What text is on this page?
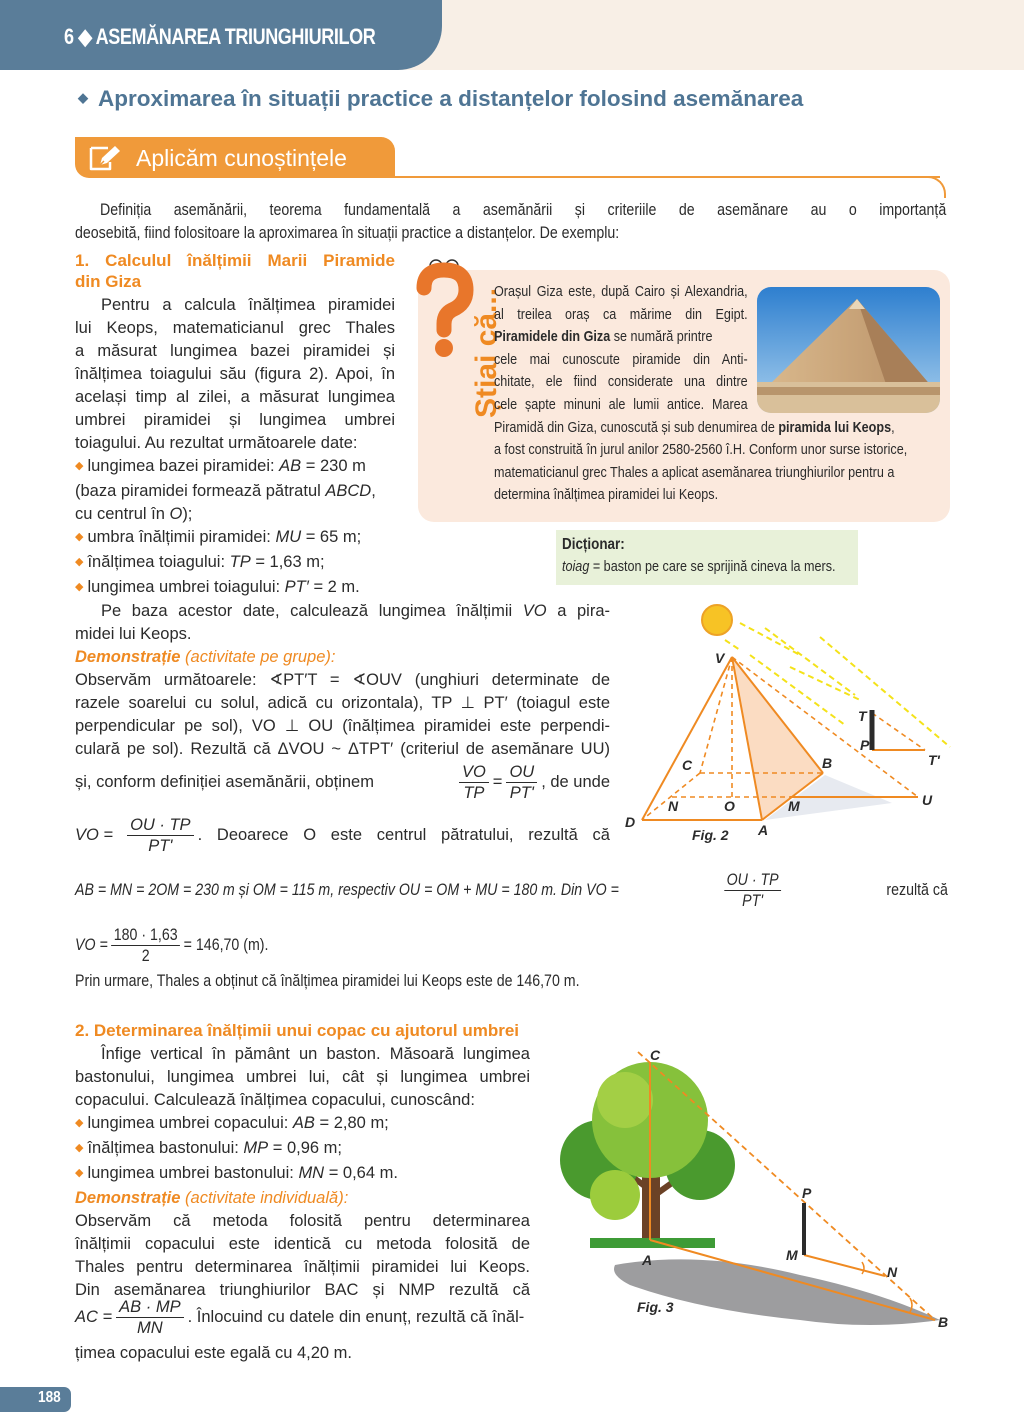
6 ◆ ASEMĂNAREA TRIUNGHIURILOR
◆ Aproximarea în situații practice a distanțelor folosind asemănarea
Aplicăm cunoștințele
Definiția asemănării, teorema fundamentală a asemănării și criteriile de asemănare au o importanță
deosebită, fiind folositoare la aproximarea în situații practice a distanțelor. De exemplu:
1. Calculul înălțimii Marii Piramide
din Giza
Pentru a calcula înălțimea piramidei
lui Keops, matematicianul grec Thales
a măsurat lungimea bazei piramidei și
înălțimea toiagului său (figura 2). Apoi, în
același timp al zilei, a măsurat lungimea
umbrei piramidei și lungimea umbrei
toiagului. Au rezultat următoarele date:
◆ lungimea bazei piramidei: AB = 230 m
(baza piramidei formează pătratul ABCD,
cu centrul în O);
◆ umbra înălțimii piramidei: MU = 65 m;
◆ înălțimea toiagului: TP = 1,63 m;
◆ lungimea umbrei toiagului: PT′ = 2 m.
Știai că...
Orașul Giza este, după Cairo și Alexandria,
al treilea oraș ca mărime din Egipt.
Piramidele din Giza se numără printre
cele mai cunoscute piramide din Anti-
chitate, ele fiind considerate una dintre
cele șapte minuni ale lumii antice. Marea
Piramidă din Giza, cunoscută și sub denumirea de piramida lui Keops,
a fost construită în jurul anilor 2580-2560 î.H. Conform unor surse istorice,
matematicianul grec Thales a aplicat asemănarea triunghiurilor pentru a
determina înălțimea piramidei lui Keops.
Dicționar:
toiag = baston pe care se sprijină cineva la mers.
Pe baza acestor date, calculează lungimea înălțimii VO a pira-
midei lui Keops.
Demonstrație (activitate pe grupe):
Observăm următoarele: ∢PT′T = ∢OUV (unghiuri determinate de
razele soarelui cu solul, adică cu orizontala), TP ⊥ PT′ (toiagul este
perpendicular pe sol), VO ⊥ OU (înălțimea piramidei este perpendi-
culară pe sol). Rezultă că ΔVOU ~ ΔTPT′ (criteriul de asemănare UU)
și, conform definiției asemănării, obținem	$\frac{VO}{TP} = \frac{OU}{PT'}$ , de unde
VO = $\frac{OU \cdot TP}{PT'}$ . Deoarece O este centrul pătratului, rezultă că
AB = MN = 2OM = 230 m și OM = 115 m, respectiv OU = OM + MU = 180 m. Din VO =	$\frac{OU \cdot TP}{PT'}$	rezultă că
VO = $\frac{180 \cdot 1,63}{2} = 146,70$ (m).
Prin urmare, Thales a obținut că înălțimea piramidei lui Keops este de 146,70 m.
V
C	B
D
N	O	M
A
U
T
P
T'
Fig. 2
2. Determinarea înălțimii unui copac cu ajutorul umbrei
Înfige vertical în pământ un baston. Măsoară lungimea
bastonului, lungimea umbrei lui, cât și lungimea umbrei
copacului. Calculează înălțimea copacului, cunoscând:
◆ lungimea umbrei copacului: AB = 2,80 m;
◆ înălțimea bastonului: MP = 0,96 m;
◆ lungimea umbrei bastonului: MN = 0,64 m.
Demonstrație (activitate individuală):
Observăm că metoda folosită pentru determinarea
înălțimii copacului este identică cu metoda folosită de
Thales pentru determinarea înălțimii piramidei lui Keops.
Din asemănarea triunghiurilor BAC și NMP rezultă că
AC = $\frac{AB \cdot MP}{MN}$ . Înlocuind cu datele din enunț, rezultă că înăl-
țimea copacului este egală cu 4,20 m.
C
A
P
M
N
B
Fig. 3
188
